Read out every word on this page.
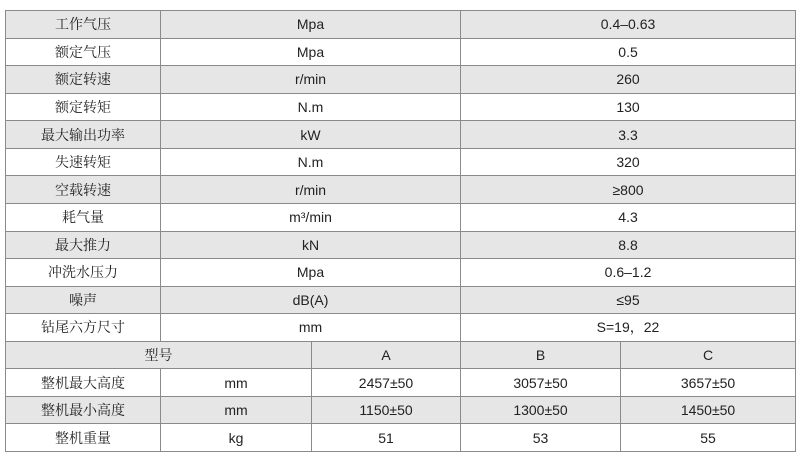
工作气压	Mpa		0.4–0.63	
额定气压	Mpa		0.5	
额定转速	r/min		260	
额定转矩	N.m		130	
最大输出功率	kW		3.3	
失速转矩	N.m		320	
空载转速	r/min		≥800	
耗气量	m³/min		4.3	
最大推力	kN		8.8	
冲洗水压力	Mpa		0.6–1.2	
噪声	dB(A)		≤95	
钻尾六方尺寸	mm		S=19，22	
型号		A	B	C
整机最大高度	mm	2457±50	3057±50	3657±50
整机最小高度	mm	1150±50	1300±50	1450±50
整机重量	kg	51	53	55
